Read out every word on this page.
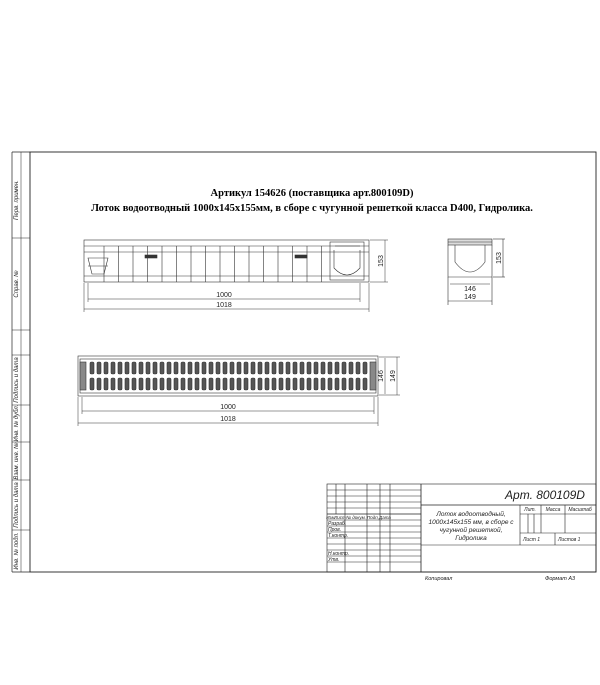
Перв. примен.
Справ. №
Подпись и дата
Инв. № дубл.
Взам. инв. №
Подпись и дата
Инв. № подл.
1000
1018
153
146
149
153
1000
1018
146 149
Арт. 800109D
Лоток водоотводный,
1000х145х155 мм, в сборе с
чугунной решеткой,
Гидролика
Изм.
Лист № докум. Подп. Дата
Разраб.
Пров.
Т.контр.
Н.контр.
Утв.
Лит. Масса Масштаб
Лист 1	Листов 1
Копировал	Формат А3
Артикул 154626 (поставщика арт.800109D)
Лоток водоотводный 1000х145х155мм, в сборе с чугунной решеткой класса D400, Гидролика.
